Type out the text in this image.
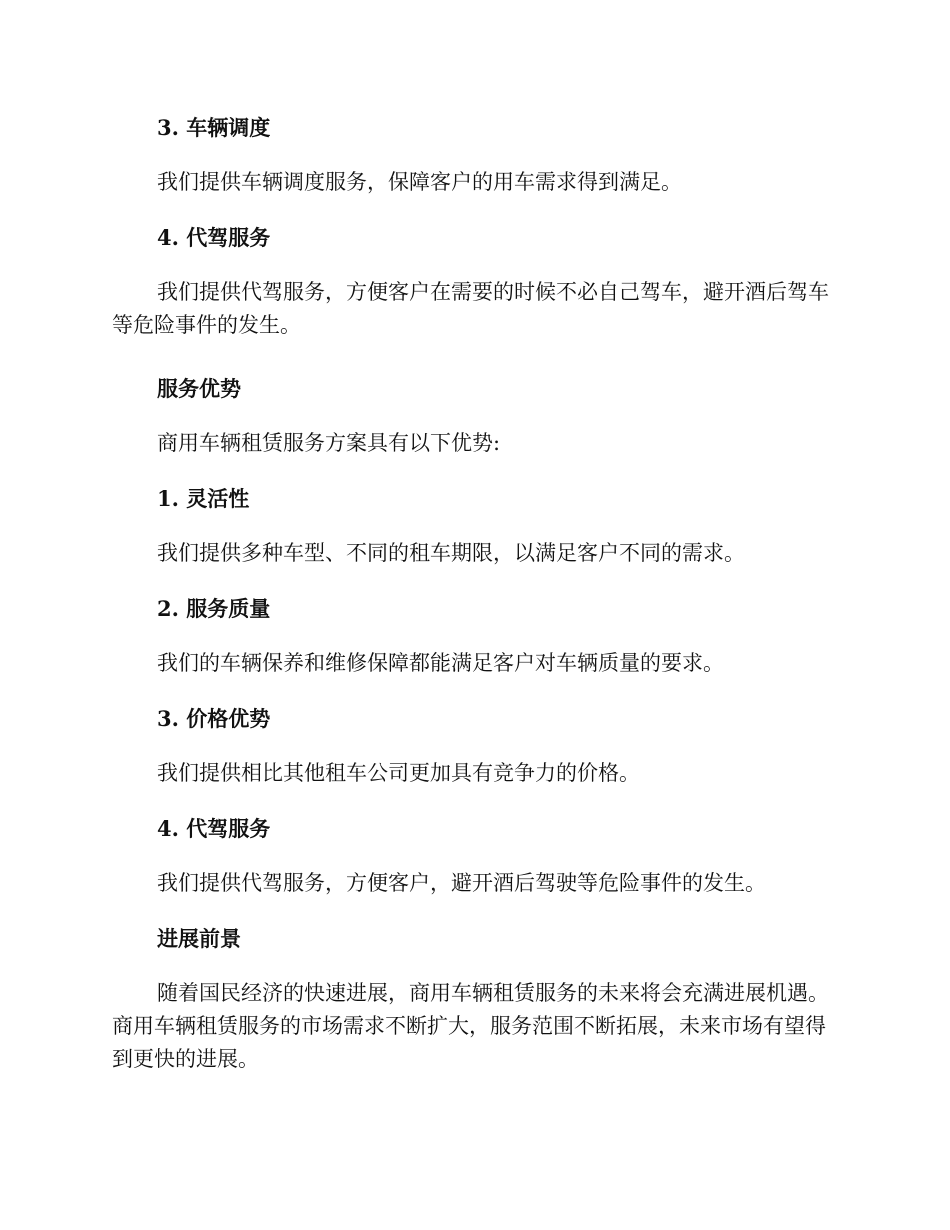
3. 车辆调度

我们提供车辆调度服务，保障客户的用车需求得到满足。

4. 代驾服务

我们提供代驾服务，方便客户在需要的时候不必自己驾车，避开酒后驾车等危险事件的发生。

服务优势

商用车辆租赁服务方案具有以下优势:

1. 灵活性

我们提供多种车型、不同的租车期限，以满足客户不同的需求。

2. 服务质量

我们的车辆保养和维修保障都能满足客户对车辆质量的要求。

3. 价格优势

我们提供相比其他租车公司更加具有竞争力的价格。

4. 代驾服务

我们提供代驾服务，方便客户，避开酒后驾驶等危险事件的发生。

进展前景

随着国民经济的快速进展，商用车辆租赁服务的未来将会充满进展机遇。商用车辆租赁服务的市场需求不断扩大，服务范围不断拓展，未来市场有望得到更快的进展。
